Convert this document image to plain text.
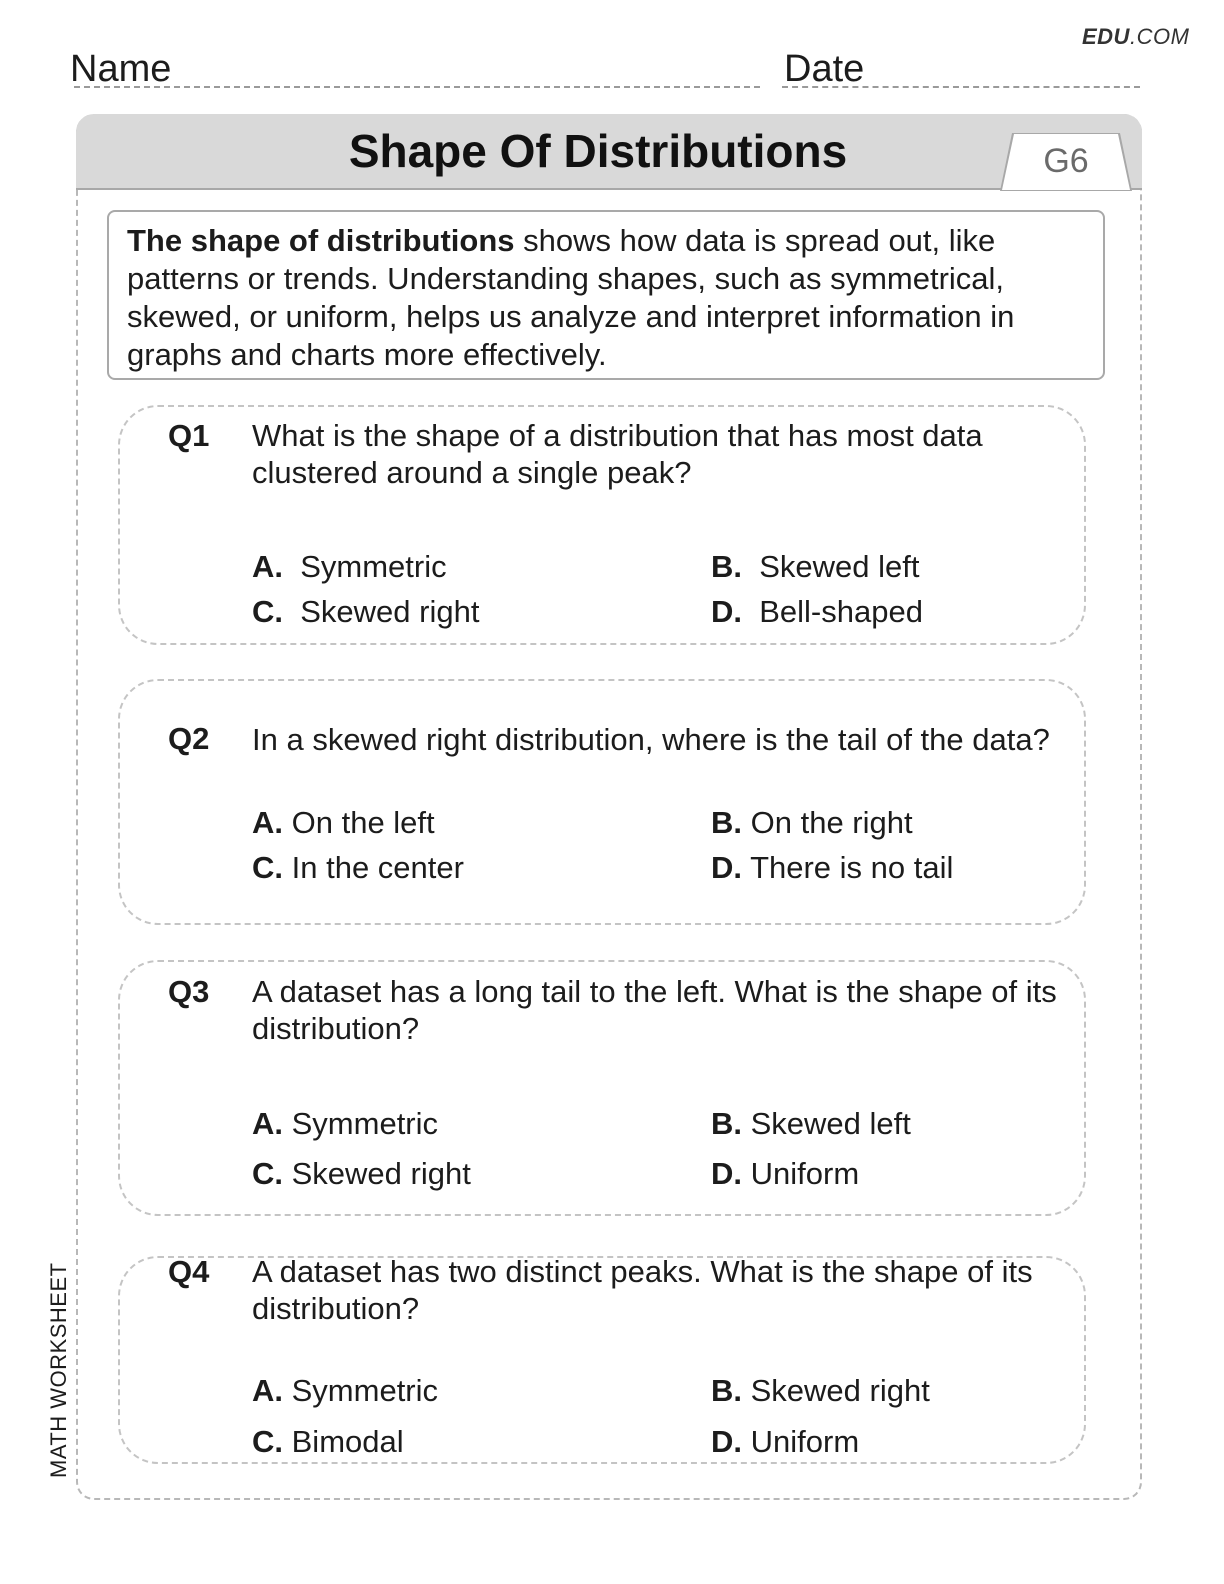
EDU.COM
Name	Date
Shape Of Distributions	G6
The shape of distributions shows how data is spread out, like patterns or trends. Understanding shapes, such as symmetrical, skewed, or uniform, helps us analyze and interpret information in graphs and charts more effectively.
Q1 What is the shape of a distribution that has most data clustered around a single peak?
A. Symmetric	B. Skewed left
C. Skewed right	D. Bell-shaped
Q2 In a skewed right distribution, where is the tail of the data?
A. On the left	B. On the right
C. In the center	D. There is no tail
Q3 A dataset has a long tail to the left. What is the shape of its distribution?
A. Symmetric	B. Skewed left
C. Skewed right	D. Uniform
Q4 A dataset has two distinct peaks. What is the shape of its distribution?
A. Symmetric	B. Skewed right
C. Bimodal	D. Uniform
MATH WORKSHEET
